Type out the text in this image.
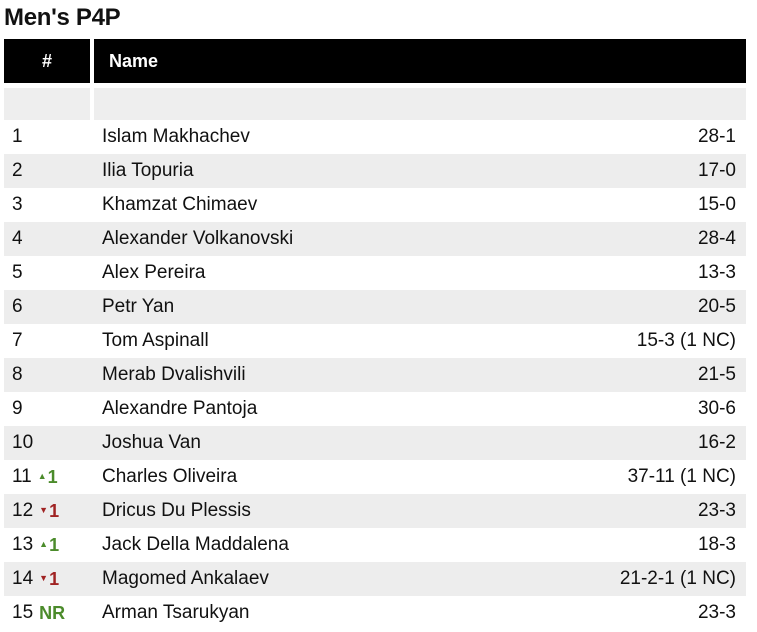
Men's P4P
#	Name
1	Islam Makhachev	28-1
2	Ilia Topuria	17-0
3	Khamzat Chimaev	15-0
4	Alexander Volkanovski	28-4
5	Alex Pereira	13-3
6	Petr Yan	20-5
7	Tom Aspinall	15-3 (1 NC)
8	Merab Dvalishvili	21-5
9	Alexandre Pantoja	30-6
10	Joshua Van	16-2
11 ▲ 1	Charles Oliveira	37-11 (1 NC)
12 ▼ 1	Dricus Du Plessis	23-3
13 ▲ 1	Jack Della Maddalena	18-3
14 ▼ 1	Magomed Ankalaev	21-2-1 (1 NC)
15 NR	Arman Tsarukyan	23-3
